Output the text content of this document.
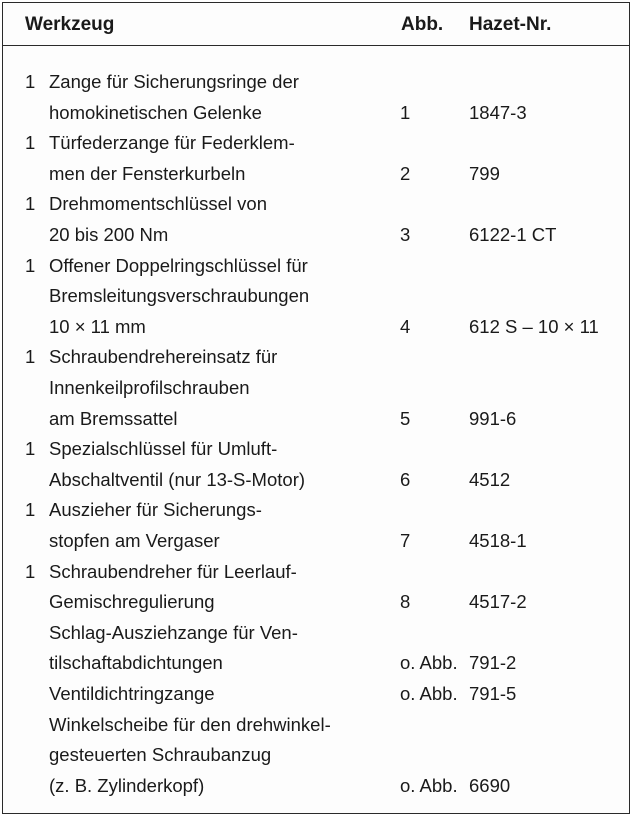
Werkzeug	Abb. Hazet-Nr.
1 Zange für Sicherungsringe der
homokinetischen Gelenke	1	1847-3
1 Türfederzange für Federklem-
men der Fensterkurbeln	2	799
1 Drehmomentschlüssel von
20 bis 200 Nm	3	6122-1 CT
1 Offener Doppelringschlüssel für
Bremsleitungsverschraubungen
10 × 11 mm	4	612 S – 10 × 11
1 Schraubendrehereinsatz für
Innenkeilprofilschrauben
am Bremssattel	5	991-6
1 Spezialschlüssel für Umluft-
Abschaltventil (nur 13-S-Motor)	6	4512
1 Auszieher für Sicherungs-
stopfen am Vergaser	7	4518-1
1 Schraubendreher für Leerlauf-
Gemischregulierung	8	4517-2
Schlag-Ausziehzange für Ven-
tilschaftabdichtungen	o. Abb. 791-2
Ventildichtringzange	o. Abb. 791-5
Winkelscheibe für den drehwinkel-
gesteuerten Schraubanzug
(z. B. Zylinderkopf)	o. Abb. 6690
